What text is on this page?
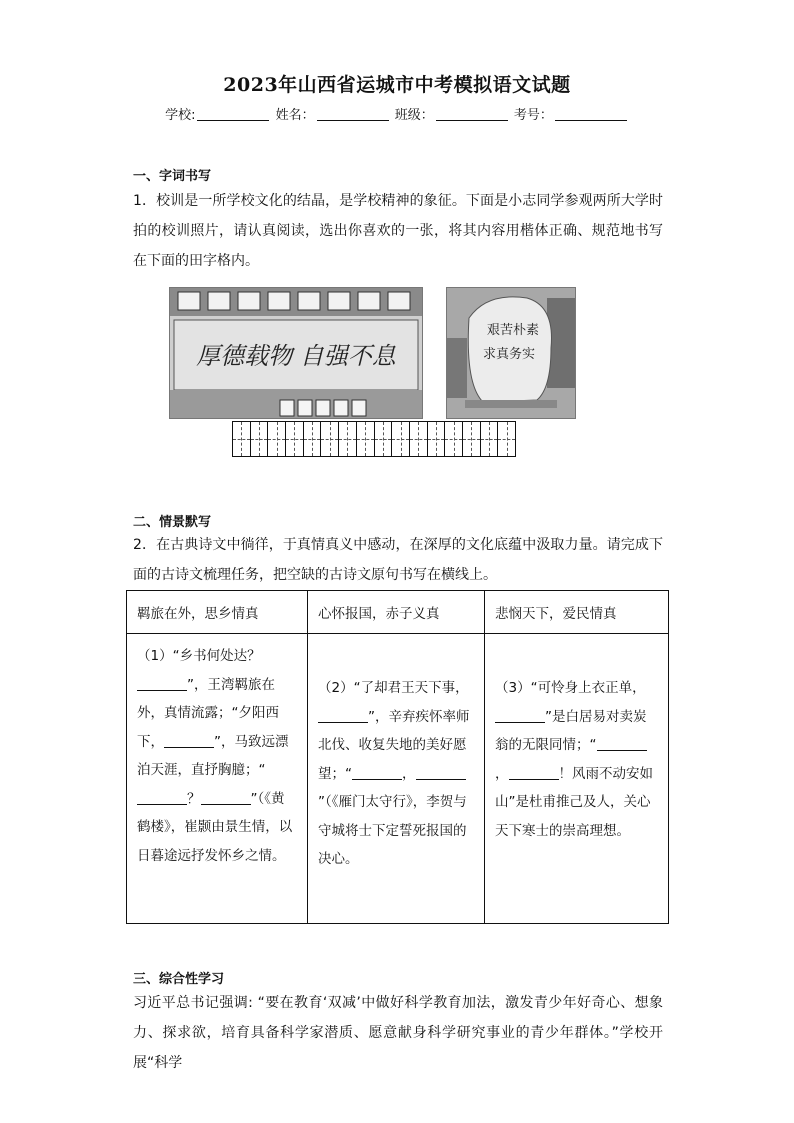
2023年山西省运城市中考模拟语文试题
学校:	姓名：	班级：	考号：
一、字词书写
1．校训是一所学校文化的结晶，是学校精神的象征。下面是小志同学参观两所大学时拍的校训照片，请认真阅读，选出你喜欢的一张，将其内容用楷体正确、规范地书写在下面的田字格内。
厚德载物 自强不息
艰苦朴素
求真务实
二、情景默写
2．在古典诗文中徜徉，于真情真义中感动，在深厚的文化底蕴中汲取力量。请完成下面的古诗文梳理任务，把空缺的古诗文原句书写在横线上。
羁旅在外，思乡情真	心怀报国，赤子义真	悲悯天下，爱民情真
（1）“乡书何处达？”，王湾羁旅在外，真情流露；“夕阳西下， ”，马致远漂泊天涯，直抒胸臆；“？ ”（《黄鹤楼》，崔颢由景生情，以日暮途远抒发怀乡之情。	（2）“了却君王天下事，”，辛弃疾怀率师北伐、收复失地的美好愿望；“ ，”（《雁门太守行》，李贺与守城将士下定誓死报国的决心。	（3）“可怜身上衣正单，”是白居易对卖炭翁的无限同情；“， ！风雨不动安如山”是杜甫推己及人，关心天下寒士的崇高理想。
三、综合性学习
习近平总书记强调: “要在教育‘双减’中做好科学教育加法，激发青少年好奇心、想象力、探求欲，培育具备科学家潜质、愿意献身科学研究事业的青少年群体。”学校开展“科学
